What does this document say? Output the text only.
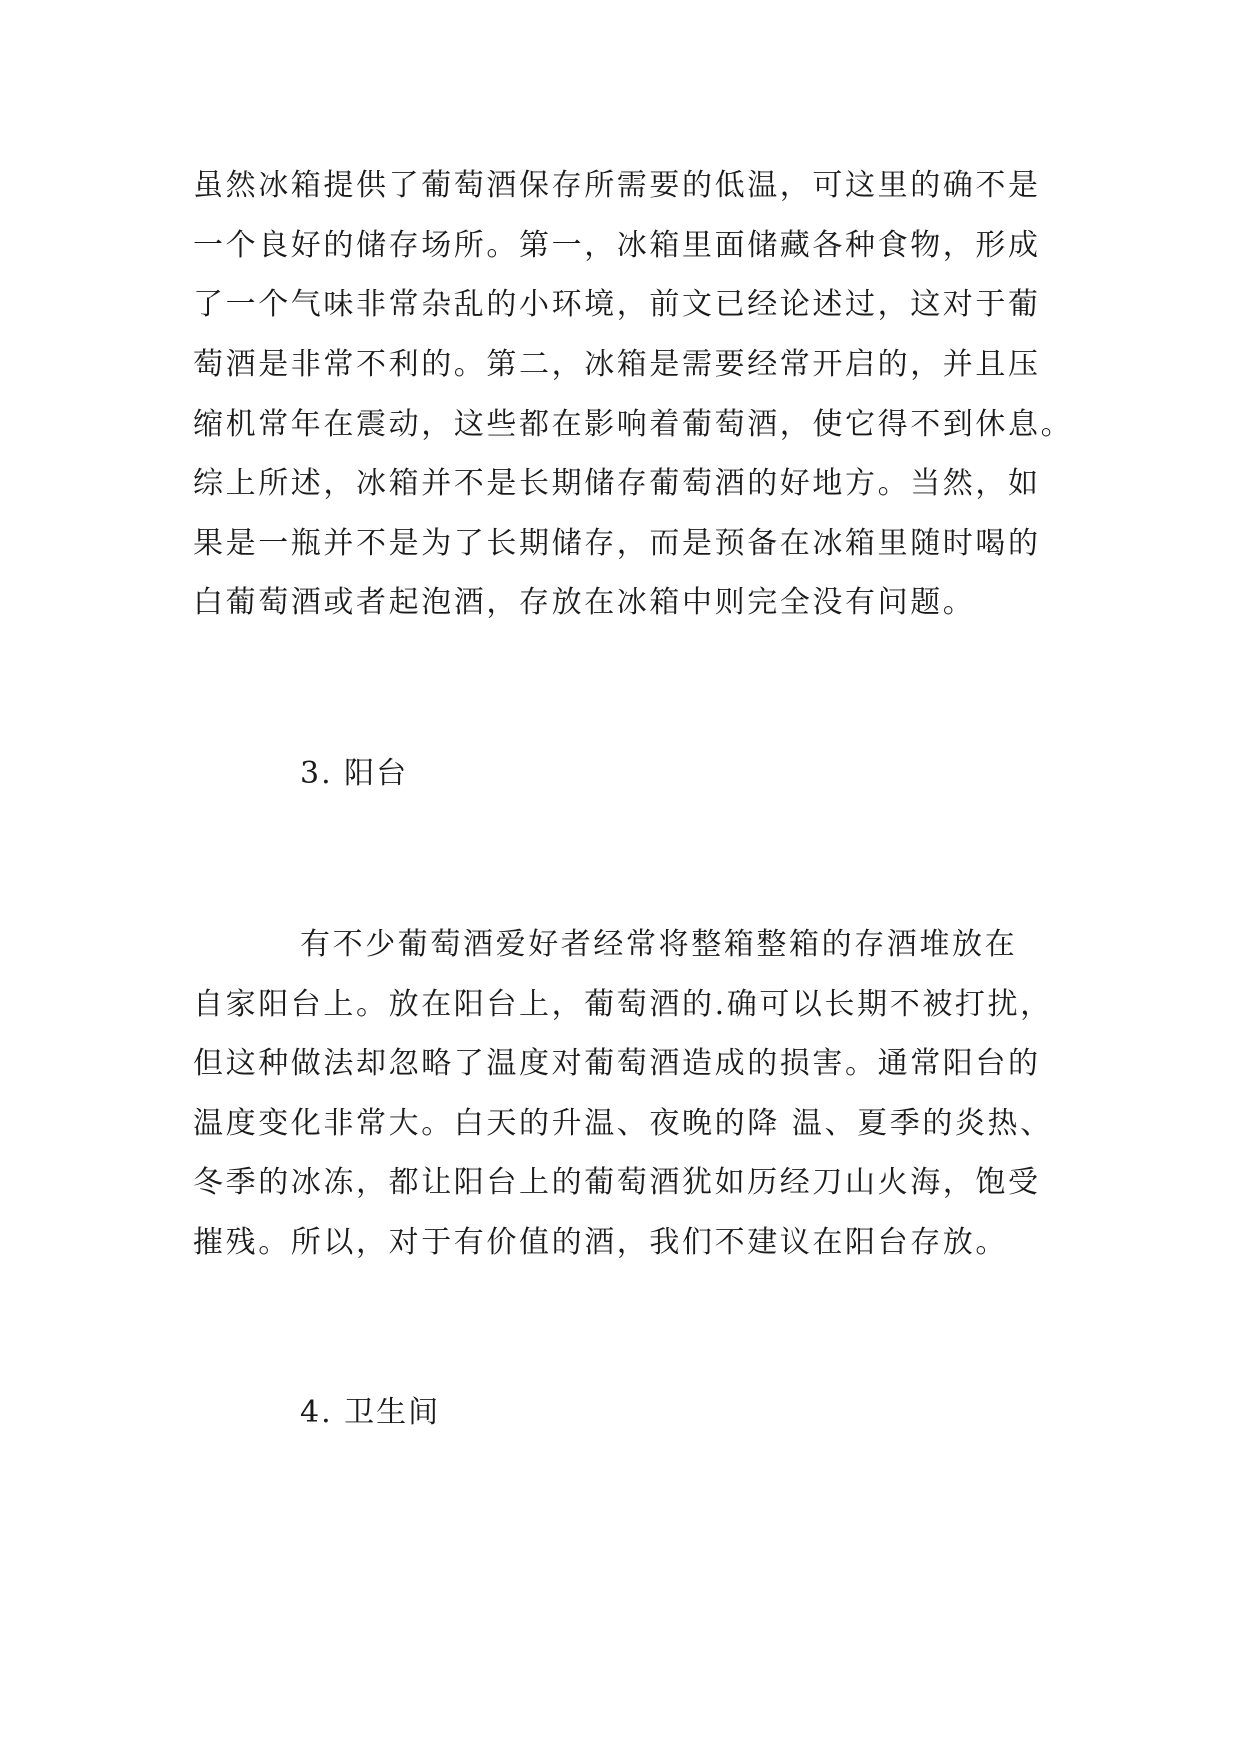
虽然冰箱提供了葡萄酒保存所需要的低温，可这里的确不是
一个良好的储存场所。第一，冰箱里面储藏各种食物，形成
了一个气味非常杂乱的小环境，前文已经论述过，这对于葡
萄酒是非常不利的。第二，冰箱是需要经常开启的，并且压
缩机常年在震动，这些都在影响着葡萄酒，使它得不到休息。
综上所述，冰箱并不是长期储存葡萄酒的好地方。当然，如
果是一瓶并不是为了长期储存，而是预备在冰箱里随时喝的
白葡萄酒或者起泡酒，存放在冰箱中则完全没有问题。
3. 阳台
有不少葡萄酒爱好者经常将整箱整箱的存酒堆放在
自家阳台上。放在阳台上，葡萄酒的.确可以长期不被打扰，
但这种做法却忽略了温度对葡萄酒造成的损害。通常阳台的
温度变化非常大。白天的升温、夜晚的降 温、夏季的炎热、
冬季的冰冻，都让阳台上的葡萄酒犹如历经刀山火海，饱受
摧残。所以，对于有价值的酒，我们不建议在阳台存放。
4. 卫生间
